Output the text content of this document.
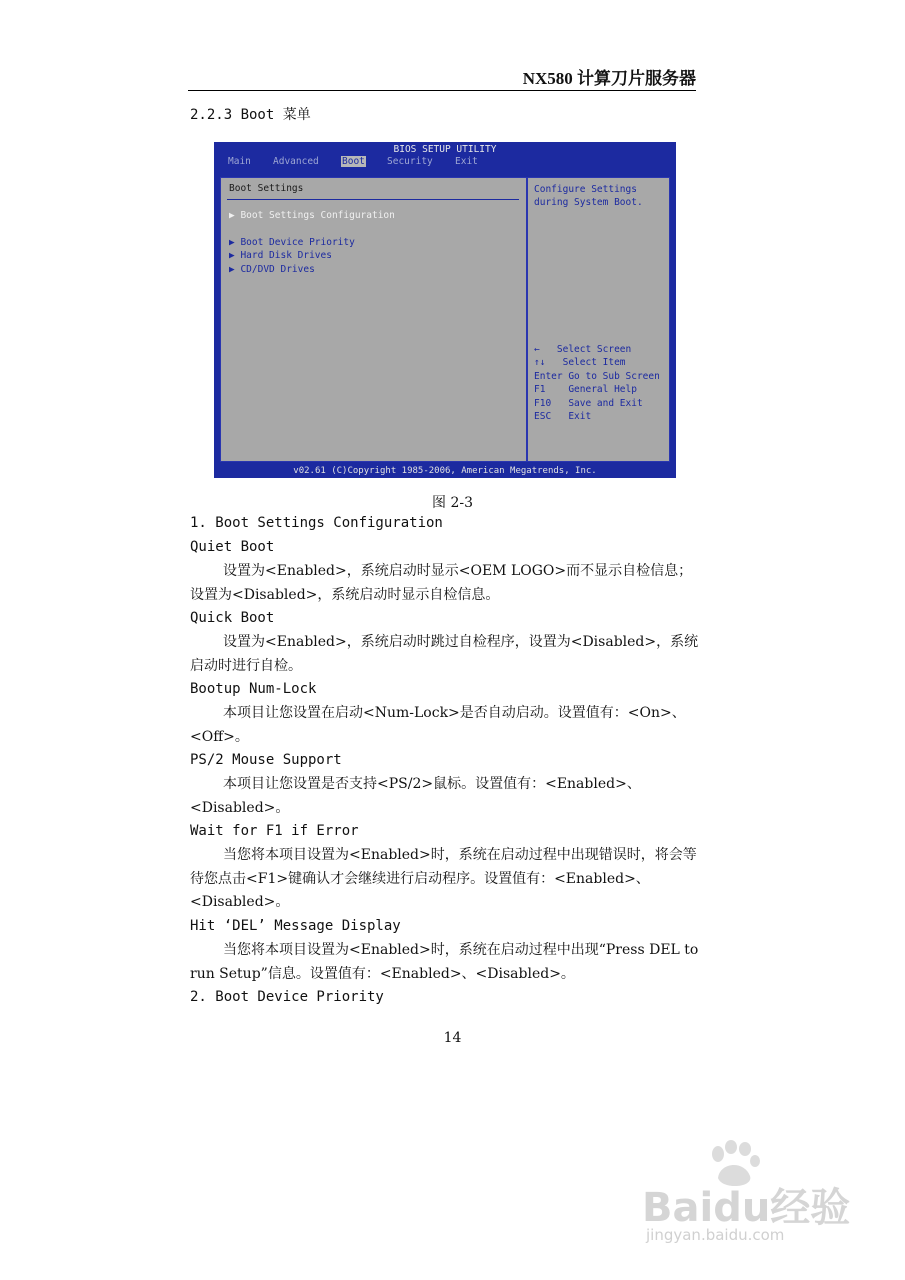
NX580 计算刀片服务器
2.2.3 Boot 菜单
BIOS SETUP UTILITY
Main Advanced Boot Security Exit
Boot Settings
▶ Boot Settings Configuration
▶ Boot Device Priority
▶ Hard Disk Drives
▶ CD/DVD Drives
Configure Settings
during System Boot.
←   Select Screen
↑↓   Select Item
Enter Go to Sub Screen
F1    General Help
F10   Save and Exit
ESC   Exit
v02.61 (C)Copyright 1985-2006, American Megatrends, Inc.
图 2-3
1. Boot Settings Configuration
Quiet Boot
设置为<Enabled>，系统启动时显示<OEM LOGO>而不显示自检信息；设置为<Disabled>，系统启动时显示自检信息。
Quick Boot
设置为<Enabled>，系统启动时跳过自检程序，设置为<Disabled>，系统启动时进行自检。
Bootup Num-Lock
本项目让您设置在启动<Num-Lock>是否自动启动。设置值有：<On>、<Off>。
PS/2 Mouse Support
本项目让您设置是否支持<PS/2>鼠标。设置值有：<Enabled>、<Disabled>。
Wait for F1 if Error
当您将本项目设置为<Enabled>时，系统在启动过程中出现错误时，将会等待您点击<F1>键确认才会继续进行启动程序。设置值有：<Enabled>、<Disabled>。
Hit ‘DEL’ Message Display
当您将本项目设置为<Enabled>时，系统在启动过程中出现“Press DEL to run Setup”信息。设置值有：<Enabled>、<Disabled>。
2. Boot Device Priority
14
Baidu经验
jingyan.baidu.com
